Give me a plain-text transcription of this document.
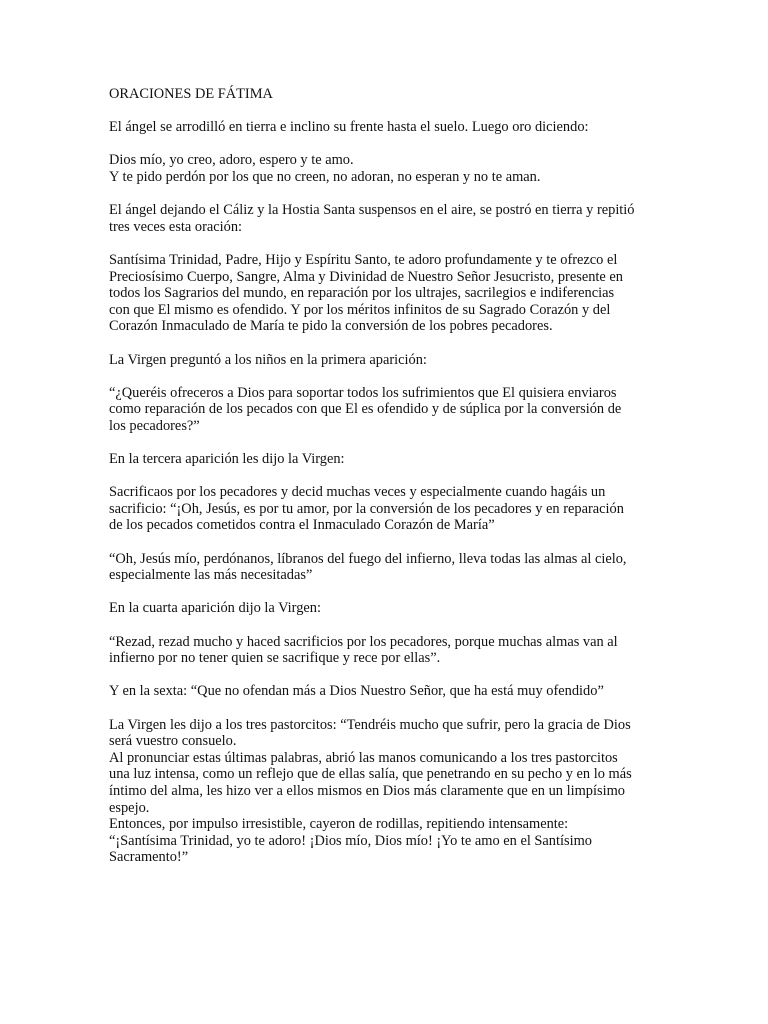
ORACIONES DE FÁTIMA

El ángel se arrodilló en tierra e inclino su frente hasta el suelo. Luego oro diciendo:

Dios mío, yo creo, adoro, espero y te amo.
Y te pido perdón por los que no creen, no adoran, no esperan y no te aman.

El ángel dejando el Cáliz y la Hostia Santa suspensos en el aire, se postró en tierra y repitió
tres veces esta oración:

Santísima Trinidad, Padre, Hijo y Espíritu Santo, te adoro profundamente y te ofrezco el
Preciosísimo Cuerpo, Sangre, Alma y Divinidad de Nuestro Señor Jesucristo, presente en
todos los Sagrarios del mundo, en reparación por los ultrajes, sacrilegios e indiferencias
con que El mismo es ofendido. Y por los méritos infinitos de su Sagrado Corazón y del
Corazón Inmaculado de María te pido la conversión de los pobres pecadores.

La Virgen preguntó a los niños en la primera aparición:

“¿Queréis ofreceros a Dios para soportar todos los sufrimientos que El quisiera enviaros
como reparación de los pecados con que El es ofendido y de súplica por la conversión de
los pecadores?”

En la tercera aparición les dijo la Virgen:

Sacrificaos por los pecadores y decid muchas veces y especialmente cuando hagáis un
sacrificio: “¡Oh, Jesús, es por tu amor, por la conversión de los pecadores y en reparación
de los pecados cometidos contra el Inmaculado Corazón de María”

“Oh, Jesús mío, perdónanos, líbranos del fuego del infierno, lleva todas las almas al cielo,
especialmente las más necesitadas”

En la cuarta aparición dijo la Virgen:

“Rezad, rezad mucho y haced sacrificios por los pecadores, porque muchas almas van al
infierno por no tener quien se sacrifique y rece por ellas”.

Y en la sexta: “Que no ofendan más a Dios Nuestro Señor, que ha está muy ofendido”

La Virgen les dijo a los tres pastorcitos: “Tendréis mucho que sufrir, pero la gracia de Dios
será vuestro consuelo.
Al pronunciar estas últimas palabras, abrió las manos comunicando a los tres pastorcitos
una luz intensa, como un reflejo que de ellas salía, que penetrando en su pecho y en lo más
íntimo del alma, les hizo ver a ellos mismos en Dios más claramente que en un limpísimo
espejo.
Entonces, por impulso irresistible, cayeron de rodillas, repitiendo intensamente:
“¡Santísima Trinidad, yo te adoro! ¡Dios mío, Dios mío! ¡Yo te amo en el Santísimo
Sacramento!”
